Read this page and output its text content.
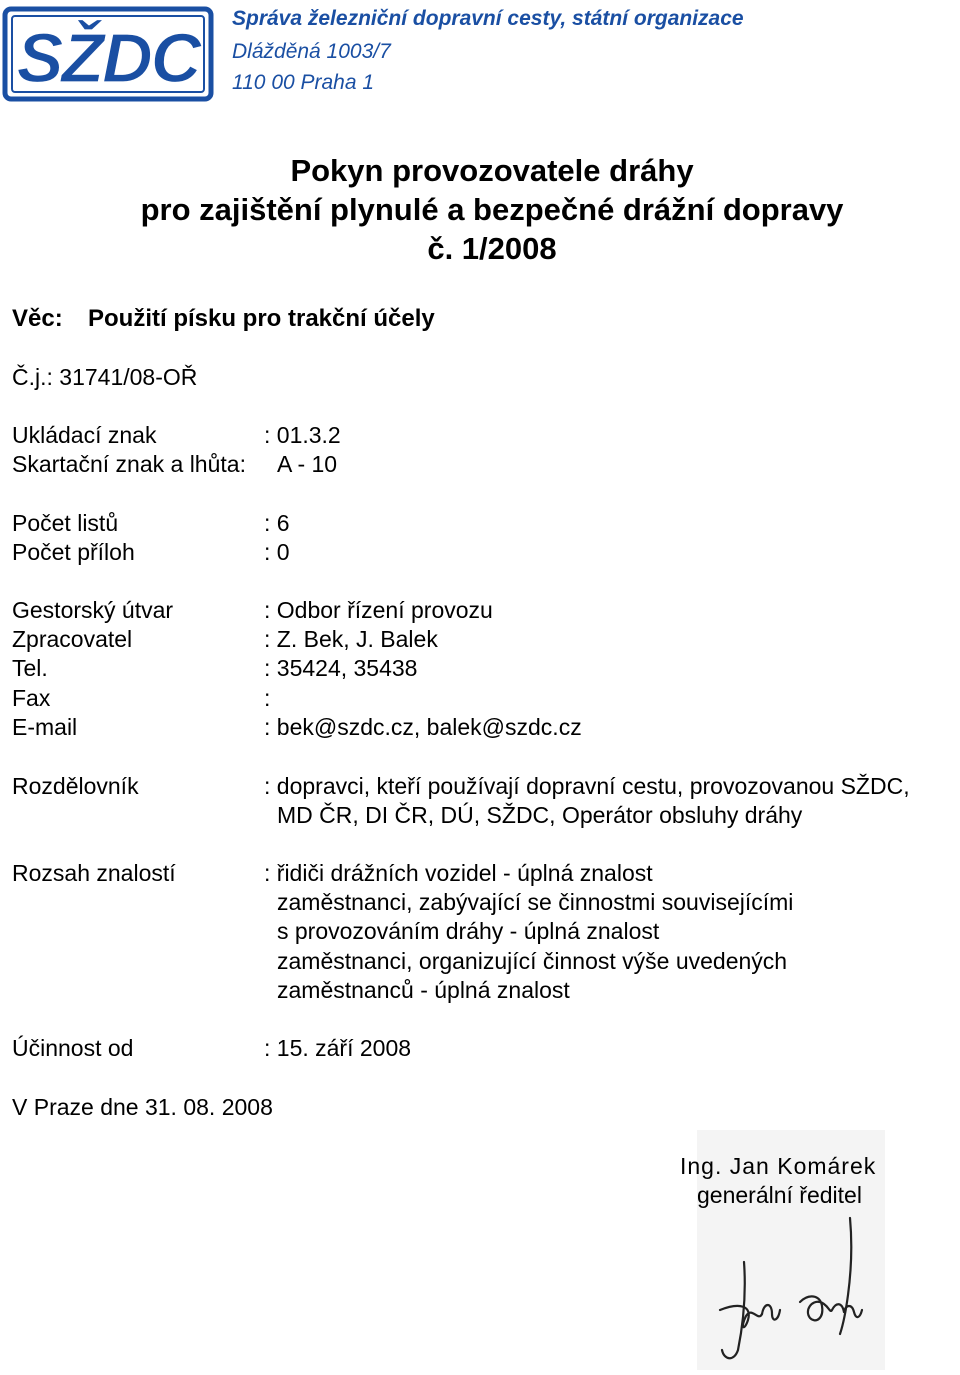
SŽDC
Správa železniční dopravní cesty, státní organizace
Dlážděná 1003/7
110 00 Praha 1
Pokyn provozovatele dráhy
pro zajištění plynulé a bezpečné drážní dopravy
č. 1/2008
Věc: Použití písku pro trakční účely
Č.j.: 31741/08-OŘ
Ukládací znak	: 01.3.2
Skartační znak a lhůta: A - 10
Počet listů	: 6
Počet příloh	: 0
Gestorský útvar	: Odbor řízení provozu
Zpracovatel	: Z. Bek, J. Balek
Tel.	: 35424, 35438
Fax	:
E-mail	: bek@szdc.cz, balek@szdc.cz
Rozdělovník	: dopravci, kteří používají dopravní cestu, provozovanou SŽDC,
MD ČR, DI ČR, DÚ, SŽDC, Operátor obsluhy dráhy
Rozsah znalostí	: řidiči drážních vozidel - úplná znalost
zaměstnanci, zabývající se činnostmi souvisejícími
s provozováním dráhy - úplná znalost
zaměstnanci, organizující činnost výše uvedených
zaměstnanců - úplná znalost
Účinnost od	: 15. září 2008
V Praze dne 31. 08. 2008
Ing. Jan Komárek
generální ředitel
